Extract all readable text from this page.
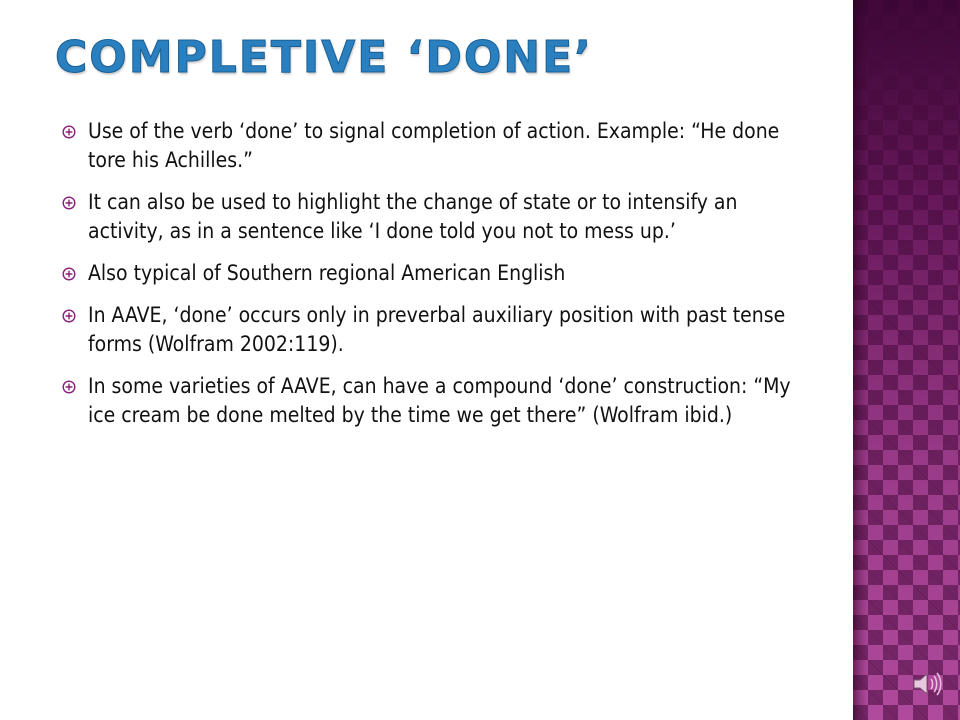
COMPLETIVE ‘DONE’
Use of the verb ‘done’ to signal completion of action. Example: “He done tore his Achilles.”
It can also be used to highlight the change of state or to intensify an activity, as in a sentence like ‘I done told you not to mess up.’
Also typical of Southern regional American English
In AAVE, ‘done’ occurs only in preverbal auxiliary position with past tense forms (Wolfram 2002:119).
In some varieties of AAVE, can have a compound ‘done’ construction: “My ice cream be done melted by the time we get there” (Wolfram ibid.)
